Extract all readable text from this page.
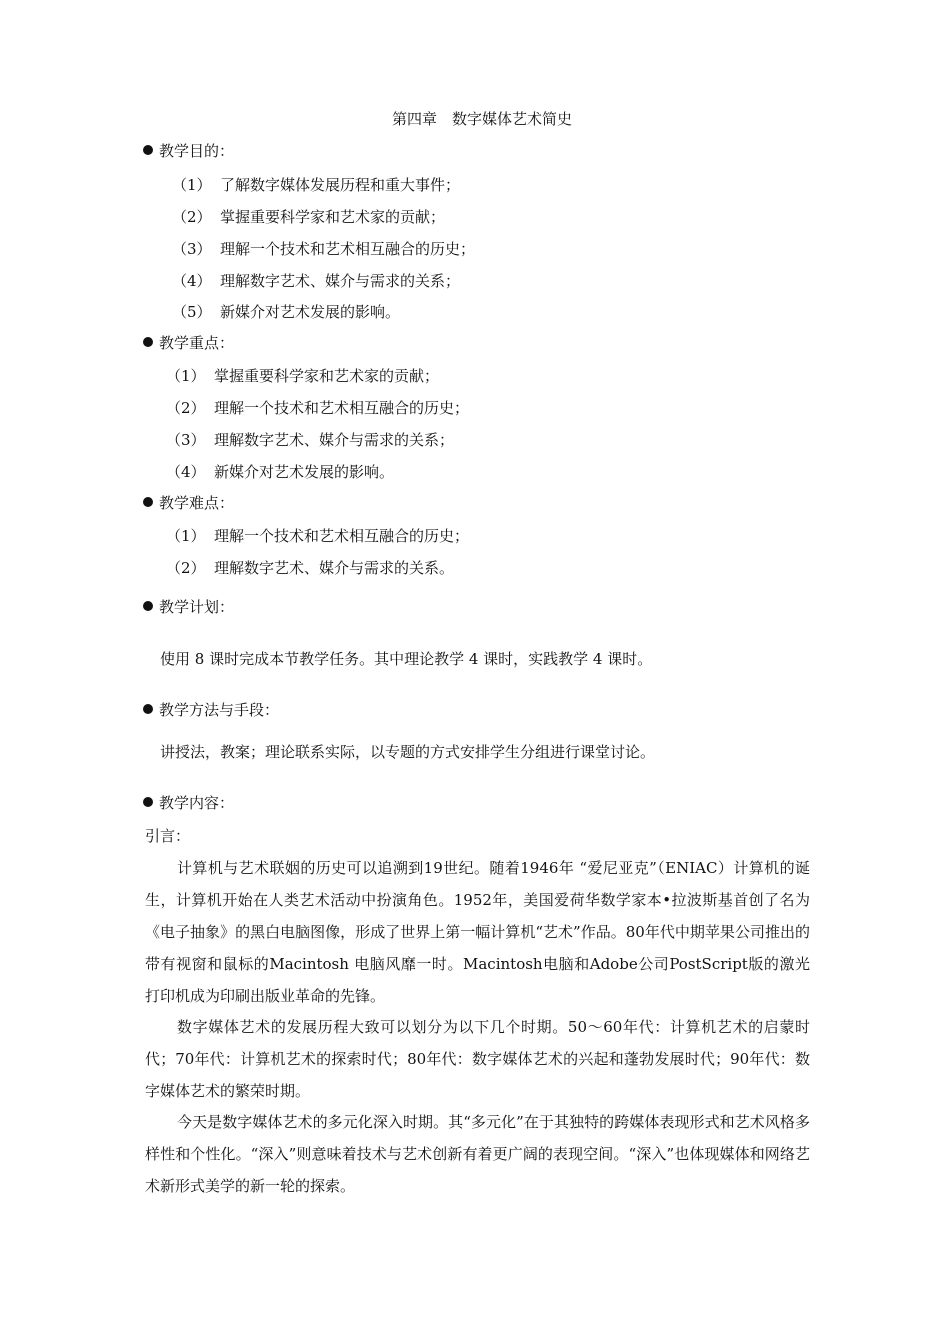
第四章　数字媒体艺术简史
教学目的：
（1） 了解数字媒体发展历程和重大事件；
（2） 掌握重要科学家和艺术家的贡献；
（3） 理解一个技术和艺术相互融合的历史；
（4） 理解数字艺术、媒介与需求的关系；
（5） 新媒介对艺术发展的影响。
教学重点：
（1） 掌握重要科学家和艺术家的贡献；
（2） 理解一个技术和艺术相互融合的历史；
（3） 理解数字艺术、媒介与需求的关系；
（4） 新媒介对艺术发展的影响。
教学难点：
（1） 理解一个技术和艺术相互融合的历史；
（2） 理解数字艺术、媒介与需求的关系。
教学计划：
使用 8 课时完成本节教学任务。其中理论教学 4 课时，实践教学 4 课时。
教学方法与手段：
讲授法，教案；理论联系实际，以专题的方式安排学生分组进行课堂讨论。
教学内容：
引言：
计算机与艺术联姻的历史可以追溯到19世纪。随着1946年 “爱尼亚克”（ENIAC）计算机的诞生，计算机开始在人类艺术活动中扮演角色。1952年，美国爱荷华数学家本•拉波斯基首创了名为《电子抽象》的黑白电脑图像，形成了世界上第一幅计算机“艺术”作品。80年代中期苹果公司推出的带有视窗和鼠标的Macintosh 电脑风靡一时。Macintosh电脑和Adobe公司PostScript版的激光打印机成为印刷出版业革命的先锋。
数字媒体艺术的发展历程大致可以划分为以下几个时期。50～60年代：计算机艺术的启蒙时代；70年代：计算机艺术的探索时代；80年代：数字媒体艺术的兴起和蓬勃发展时代；90年代：数字媒体艺术的繁荣时期。
今天是数字媒体艺术的多元化深入时期。其“多元化”在于其独特的跨媒体表现形式和艺术风格多样性和个性化。“深入”则意味着技术与艺术创新有着更广阔的表现空间。“深入”也体现媒体和网络艺术新形式美学的新一轮的探索。
